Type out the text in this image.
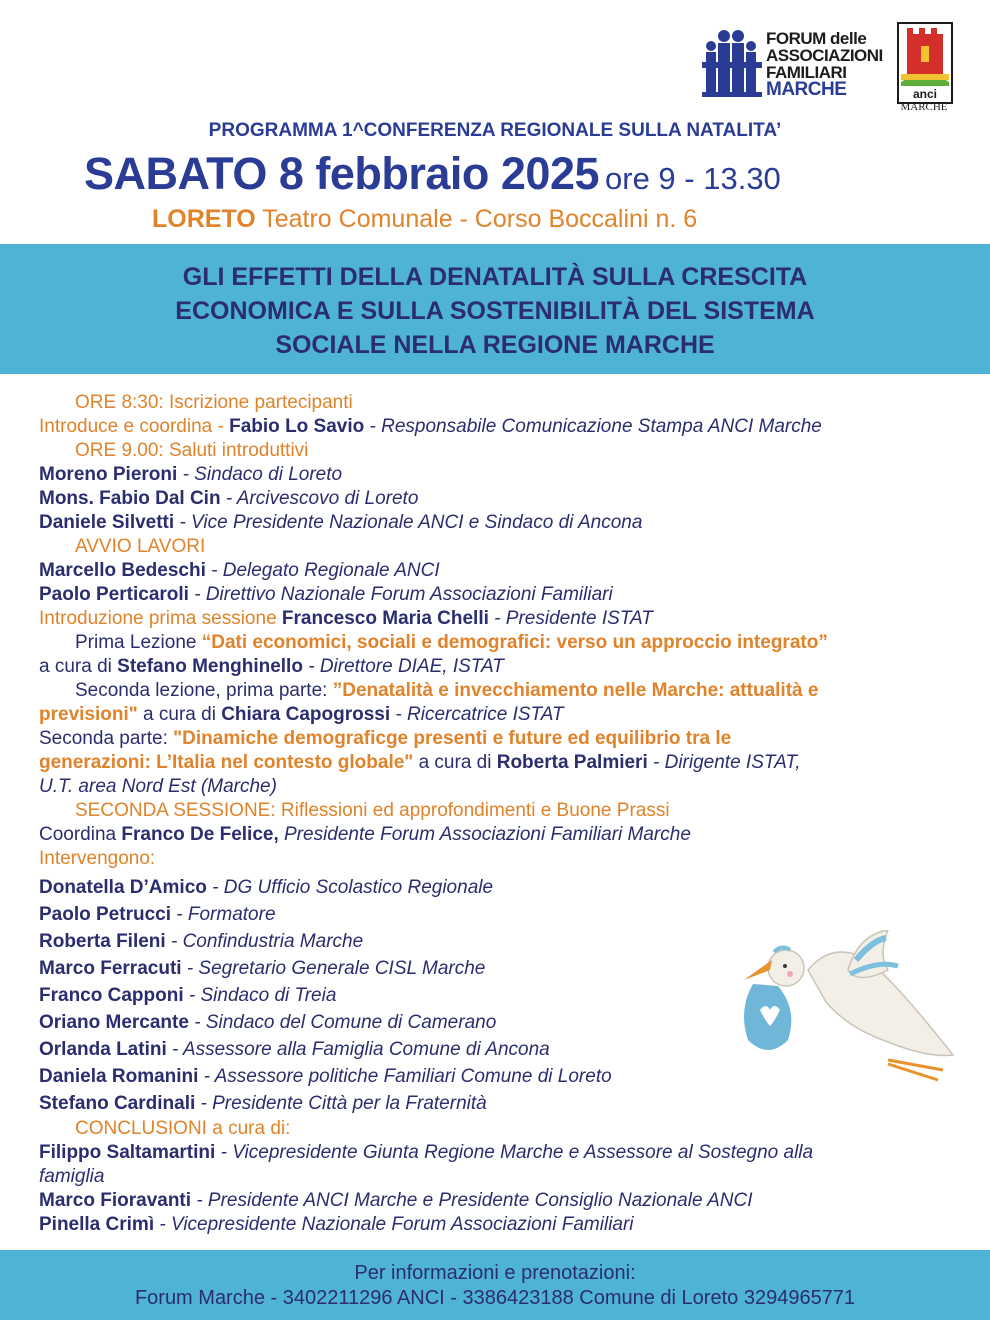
FORUM delle
ASSOCIAZIONI
FAMILIARI
MARCHE	anci
MARCHE
PROGRAMMA 1^CONFERENZA REGIONALE SULLA NATALITA’
SABATO 8 febbraio 2025 ore 9 - 13.30
LORETO Teatro Comunale - Corso Boccalini n. 6
GLI EFFETTI DELLA DENATALITÀ SULLA CRESCITA
ECONOMICA E SULLA SOSTENIBILITÀ DEL SISTEMA
SOCIALE NELLA REGIONE MARCHE
ORE 8:30: Iscrizione partecipanti
Introduce e coordina - Fabio Lo Savio - Responsabile Comunicazione Stampa ANCI Marche
ORE 9.00: Saluti introduttivi
Moreno Pieroni - Sindaco di Loreto
Mons. Fabio Dal Cin - Arcivescovo di Loreto
Daniele Silvetti - Vice Presidente Nazionale ANCI e Sindaco di Ancona
AVVIO LAVORI
Marcello Bedeschi - Delegato Regionale ANCI
Paolo Perticaroli - Direttivo Nazionale Forum Associazioni Familiari
Introduzione prima sessione Francesco Maria Chelli - Presidente ISTAT
Prima Lezione “Dati economici, sociali e demografici: verso un approccio integrato”
a cura di Stefano Menghinello - Direttore DIAE, ISTAT
Seconda lezione, prima parte: ”Denatalità e invecchiamento nelle Marche: attualità e
previsioni" a cura di Chiara Capogrossi - Ricercatrice ISTAT
Seconda parte: "Dinamiche demograficge presenti e future ed equilibrio tra le
generazioni: L’Italia nel contesto globale" a cura di Roberta Palmieri - Dirigente ISTAT,
U.T. area Nord Est (Marche)
SECONDA SESSIONE: Riflessioni ed approfondimenti e Buone Prassi
Coordina Franco De Felice, Presidente Forum Associazioni Familiari Marche
Intervengono:
Donatella D’Amico - DG Ufficio Scolastico Regionale
Paolo Petrucci - Formatore
Roberta Fileni - Confindustria Marche
Marco Ferracuti - Segretario Generale CISL Marche
Franco Capponi - Sindaco di Treia
Oriano Mercante - Sindaco del Comune di Camerano
Orlanda Latini - Assessore alla Famiglia Comune di Ancona
Daniela Romanini - Assessore politiche Familiari Comune di Loreto
Stefano Cardinali - Presidente Città per la Fraternità
CONCLUSIONI a cura di:
Filippo Saltamartini - Vicepresidente Giunta Regione Marche e Assessore al Sostegno alla
famiglia
Marco Fioravanti - Presidente ANCI Marche e Presidente Consiglio Nazionale ANCI
Pinella Crimì - Vicepresidente Nazionale Forum Associazioni Familiari
Per informazioni e prenotazioni:
Forum Marche - 3402211296 ANCI - 3386423188 Comune di Loreto 3294965771
